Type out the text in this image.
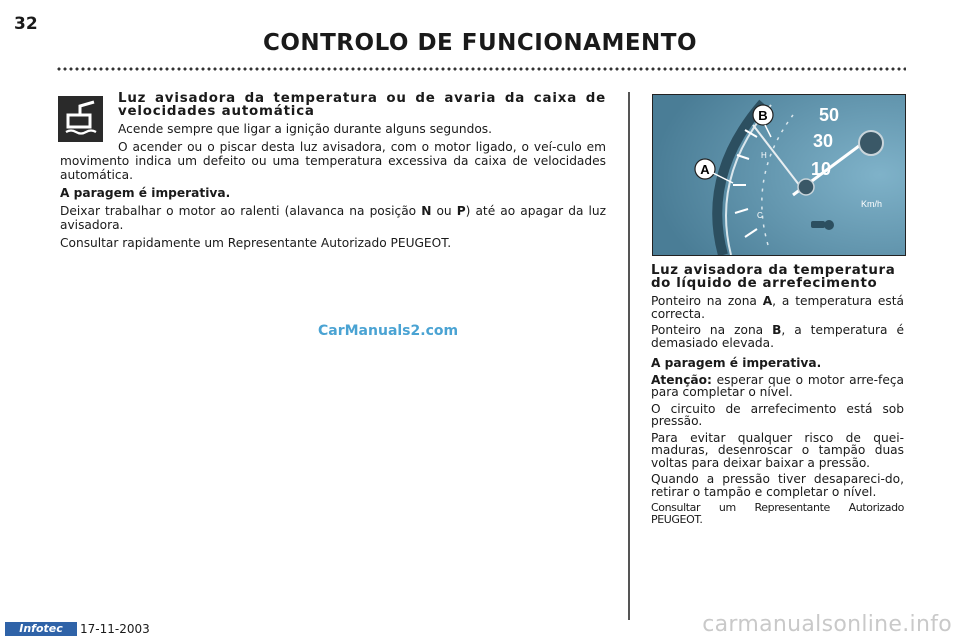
32
CONTROLO DE FUNCIONAMENTO

Luz avisadora da temperatura ou de avaria da caixa de velocidades automática

Acende sempre que ligar a ignição durante alguns segundos.

O acender ou o piscar desta luz avisadora, com o motor ligado, o veí-culo em movimento indica um defeito ou uma temperatura excessiva da caixa de velocidades automática.

A paragem é imperativa.

Deixar trabalhar o motor ao ralenti (alavanca na posição N ou P) até ao apagar da luz avisadora.

Consultar rapidamente um Representante Autorizado PEUGEOT.

A
B
H
C
50
30
10
Km/h
Luz avisadora da temperatura do líquido de arrefecimento

Ponteiro na zona A, a temperatura está correcta.

Ponteiro na zona B, a temperatura é demasiado elevada.

A paragem é imperativa.

Atenção: esperar que o motor arre-feça para completar o nível.

O circuito de arrefecimento está sob pressão.

Para evitar qualquer risco de quei-maduras, desenroscar o tampão duas voltas para deixar baixar a pressão.

Quando a pressão tiver desapareci-do, retirar o tampão e completar o nível.

Consultar um Representante Autorizado PEUGEOT.

CarManuals2.com
Infotec	17-11-2003	carmanualsonline.info
